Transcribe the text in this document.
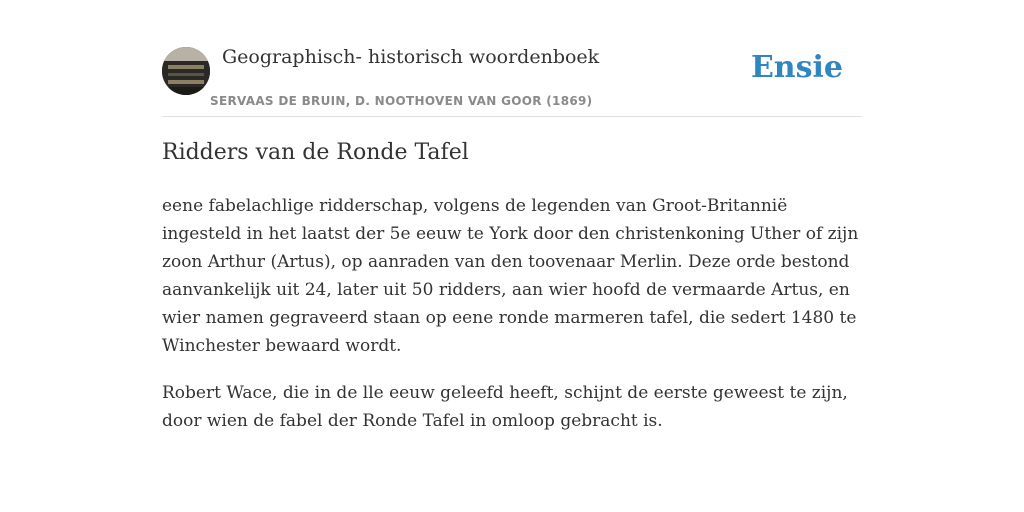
Geographisch- historisch woordenboek
SERVAAS DE BRUIN, D. NOOTHOVEN VAN GOOR (1869)
Ensie
Ridders van de Ronde Tafel

eene fabelachlige ridderschap, volgens de legenden van Groot-Britannië ingesteld in het laatst der 5e eeuw te York door den christenkoning Uther of zijn zoon Arthur (Artus), op aanraden van den toovenaar Merlin. Deze orde bestond aanvankelijk uit 24, later uit 50 ridders, aan wier hoofd de vermaarde Artus, en wier namen gegraveerd staan op eene ronde marmeren tafel, die sedert 1480 te Winchester bewaard wordt.

Robert Wace, die in de lle eeuw geleefd heeft, schijnt de eerste geweest te zijn, door wien de fabel der Ronde Tafel in omloop gebracht is.
